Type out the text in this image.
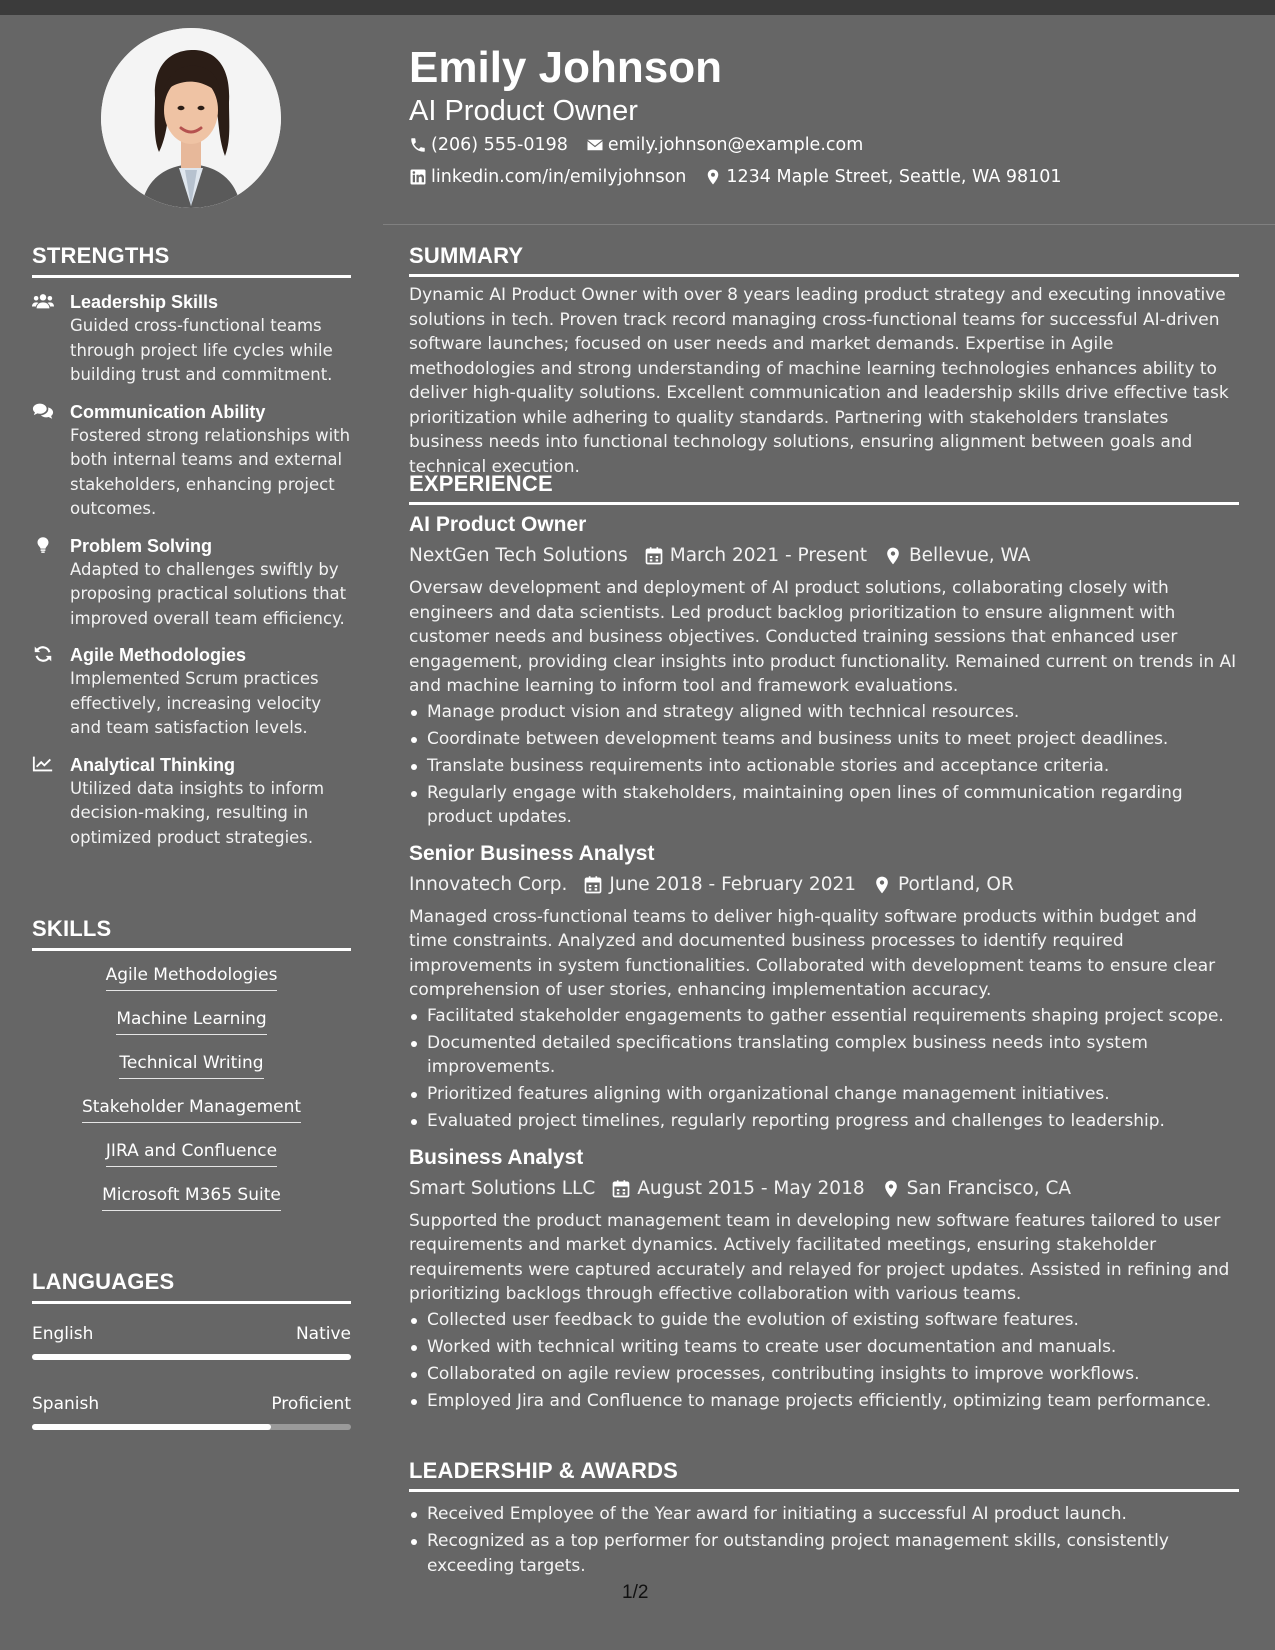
Emily Johnson
AI Product Owner
(206) 555-0198 emily.johnson@example.com
linkedin.com/in/emilyjohnson 1234 Maple Street, Seattle, WA 98101
STRENGTHS
Leadership Skills
Guided cross-functional teams through project life cycles while building trust and commitment.
Communication Ability
Fostered strong relationships with both internal teams and external stakeholders, enhancing project outcomes.
Problem Solving
Adapted to challenges swiftly by proposing practical solutions that improved overall team efficiency.
Agile Methodologies
Implemented Scrum practices effectively, increasing velocity and team satisfaction levels.
Analytical Thinking
Utilized data insights to inform decision-making, resulting in optimized product strategies.
SKILLS
Agile Methodologies
Machine Learning
Technical Writing
Stakeholder Management
JIRA and Confluence
Microsoft M365 Suite
LANGUAGES
English	Native
Spanish	Proficient
SUMMARY
Dynamic AI Product Owner with over 8 years leading product strategy and executing innovative solutions in tech. Proven track record managing cross-functional teams for successful AI-driven software launches; focused on user needs and market demands. Expertise in Agile methodologies and strong understanding of machine learning technologies enhances ability to deliver high-quality solutions. Excellent communication and leadership skills drive effective task prioritization while adhering to quality standards. Partnering with stakeholders translates business needs into functional technology solutions, ensuring alignment between goals and technical execution.
EXPERIENCE
AI Product Owner
NextGen Tech Solutions March 2021 - Present Bellevue, WA
Oversaw development and deployment of AI product solutions, collaborating closely with engineers and data scientists. Led product backlog prioritization to ensure alignment with customer needs and business objectives. Conducted training sessions that enhanced user engagement, providing clear insights into product functionality. Remained current on trends in AI and machine learning to inform tool and framework evaluations.
Manage product vision and strategy aligned with technical resources.
Coordinate between development teams and business units to meet project deadlines.
Translate business requirements into actionable stories and acceptance criteria.
Regularly engage with stakeholders, maintaining open lines of communication regarding product updates.
Senior Business Analyst
Innovatech Corp. June 2018 - February 2021 Portland, OR
Managed cross-functional teams to deliver high-quality software products within budget and time constraints. Analyzed and documented business processes to identify required improvements in system functionalities. Collaborated with development teams to ensure clear comprehension of user stories, enhancing implementation accuracy.
Facilitated stakeholder engagements to gather essential requirements shaping project scope.
Documented detailed specifications translating complex business needs into system improvements.
Prioritized features aligning with organizational change management initiatives.
Evaluated project timelines, regularly reporting progress and challenges to leadership.
Business Analyst
Smart Solutions LLC August 2015 - May 2018 San Francisco, CA
Supported the product management team in developing new software features tailored to user requirements and market dynamics. Actively facilitated meetings, ensuring stakeholder requirements were captured accurately and relayed for project updates. Assisted in refining and prioritizing backlogs through effective collaboration with various teams.
Collected user feedback to guide the evolution of existing software features.
Worked with technical writing teams to create user documentation and manuals.
Collaborated on agile review processes, contributing insights to improve workflows.
Employed Jira and Confluence to manage projects efficiently, optimizing team performance.
LEADERSHIP & AWARDS
Received Employee of the Year award for initiating a successful AI product launch.
Recognized as a top performer for outstanding project management skills, consistently exceeding targets.
1/2
